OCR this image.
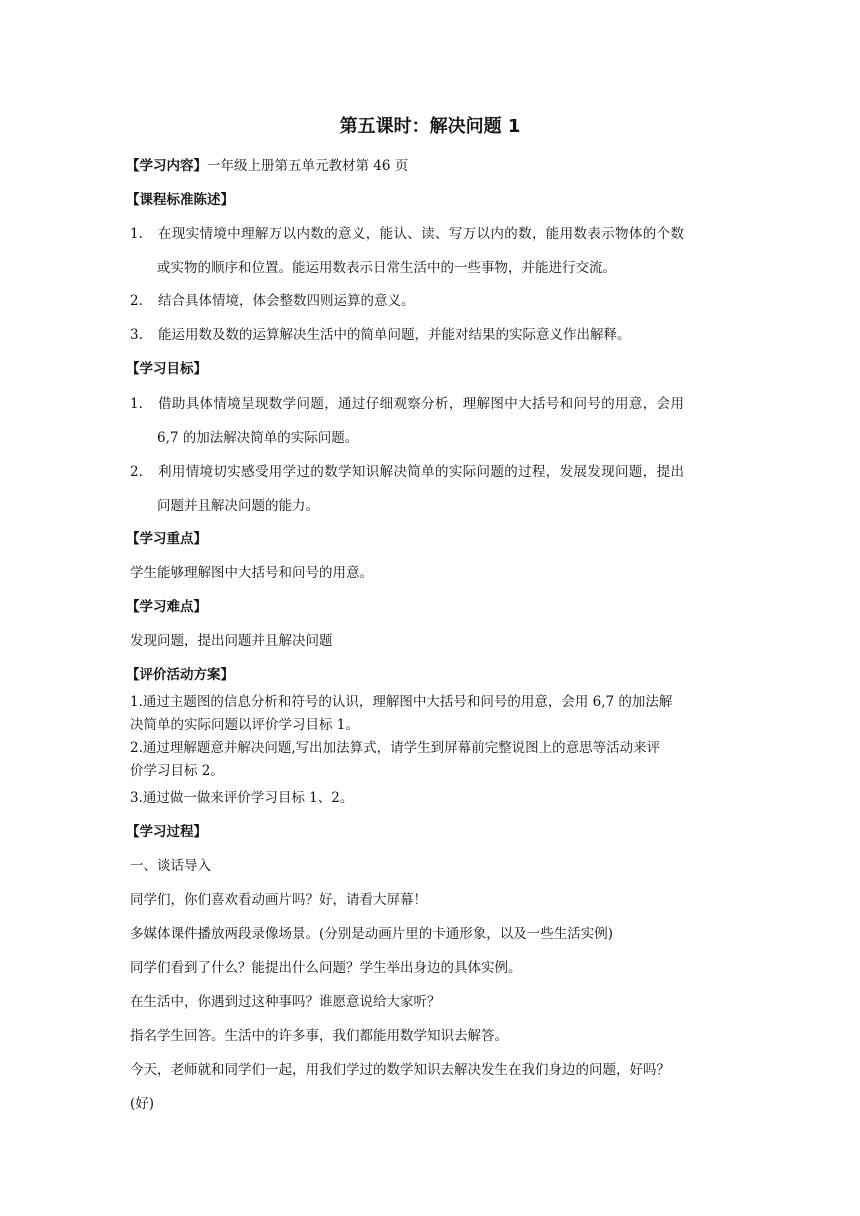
第五课时：解决问题 1
【学习内容】一年级上册第五单元教材第 46 页
【课程标准陈述】
1. 在现实情境中理解万以内数的意义，能认、读、写万以内的数，能用数表示物体的个数
或实物的顺序和位置。能运用数表示日常生活中的一些事物，并能进行交流。
2. 结合具体情境，体会整数四则运算的意义。
3. 能运用数及数的运算解决生活中的简单问题，并能对结果的实际意义作出解释。
【学习目标】
1. 借助具体情境呈现数学问题，通过仔细观察分析，理解图中大括号和问号的用意，会用
6,7 的加法解决简单的实际问题。
2. 利用情境切实感受用学过的数学知识解决简单的实际问题的过程，发展发现问题，提出
问题并且解决问题的能力。
【学习重点】
学生能够理解图中大括号和问号的用意。
【学习难点】
发现问题，提出问题并且解决问题
【评价活动方案】
1.通过主题图的信息分析和符号的认识，理解图中大括号和问号的用意，会用 6,7 的加法解
决简单的实际问题以评价学习目标 1。
2.通过理解题意并解决问题,写出加法算式，请学生到屏幕前完整说图上的意思等活动来评
价学习目标 2。
3.通过做一做来评价学习目标 1、2。
【学习过程】
一、谈话导入
同学们，你们喜欢看动画片吗？好，请看大屏幕！
多媒体课件播放两段录像场景。(分别是动画片里的卡通形象，以及一些生活实例)
同学们看到了什么？能提出什么问题？学生举出身边的具体实例。
在生活中，你遇到过这种事吗？谁愿意说给大家听？
指名学生回答。生活中的许多事，我们都能用数学知识去解答。
今天，老师就和同学们一起，用我们学过的数学知识去解决发生在我们身边的问题，好吗？
(好)
